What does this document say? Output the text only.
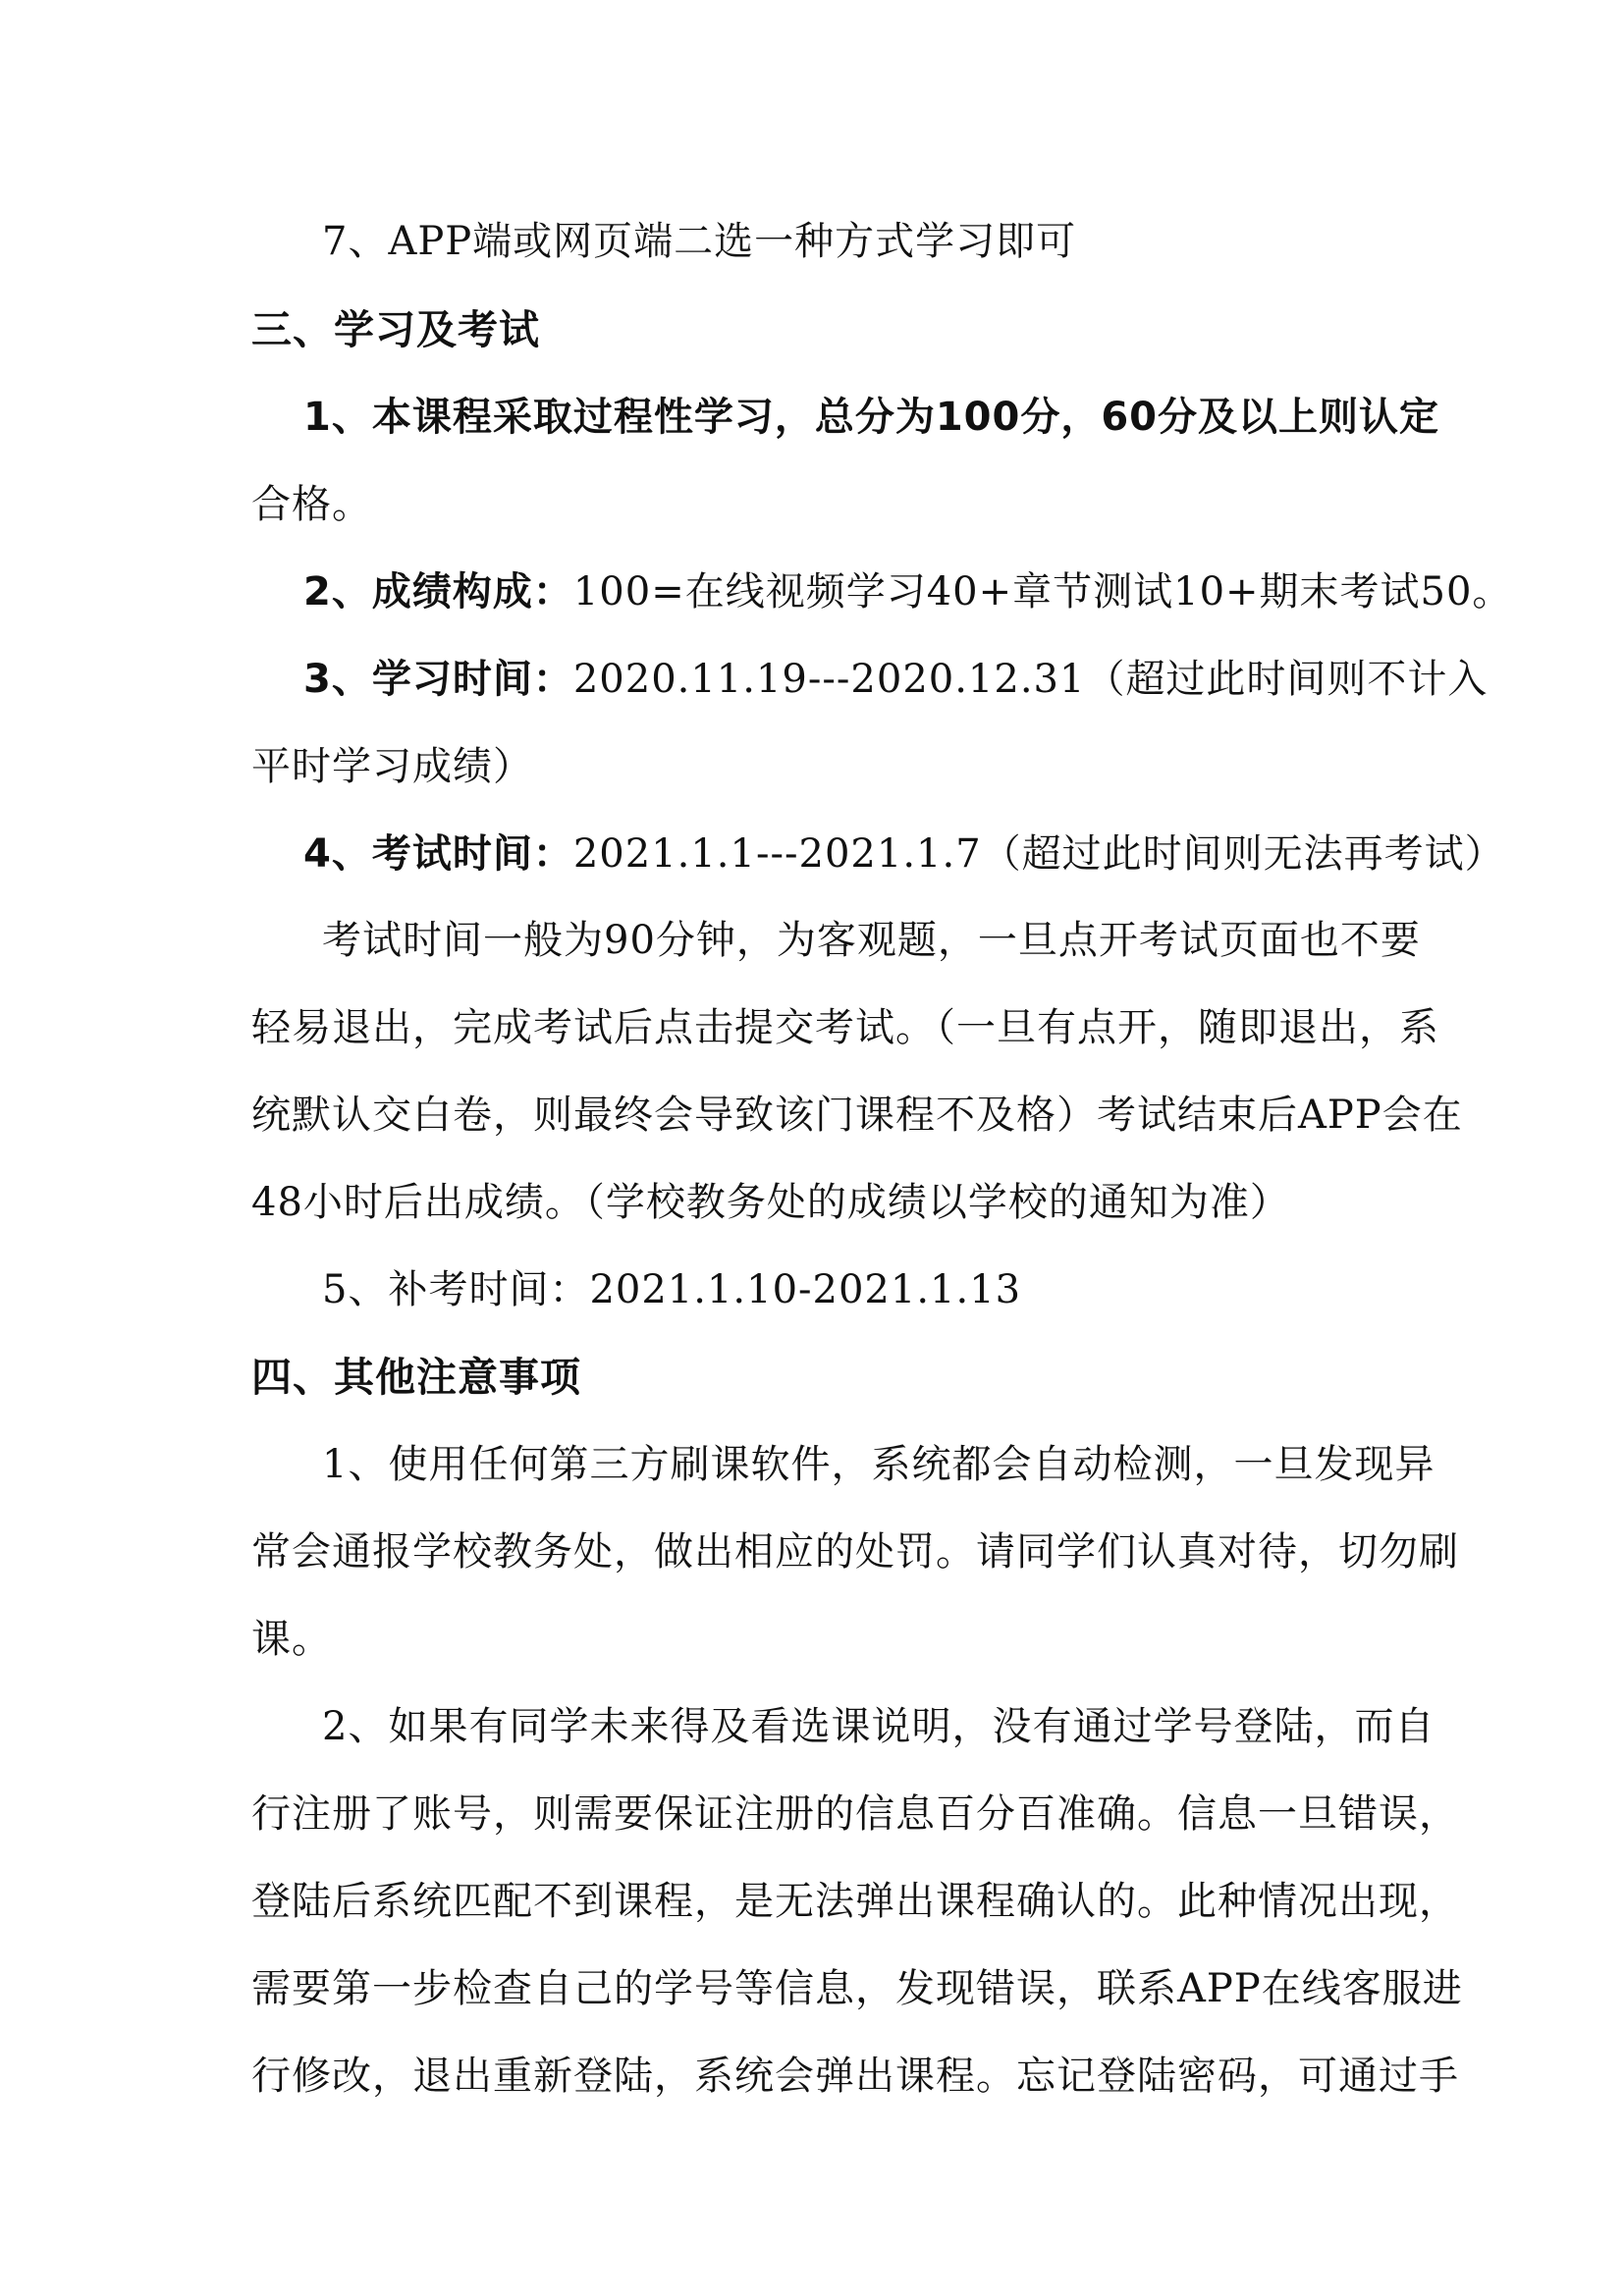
7、APP端或网页端二选一种方式学习即可
三、学习及考试
1、本课程采取过程性学习，总分为100分，60分及以上则认定
合格。
2、成绩构成：100=在线视频学习40+章节测试10+期末考试50。
3、学习时间：2020.11.19---2020.12.31（超过此时间则不计入
平时学习成绩）
4、考试时间：2021.1.1---2021.1.7（超过此时间则无法再考试）
考试时间一般为90分钟，为客观题，一旦点开考试页面也不要
轻易退出，完成考试后点击提交考试。（一旦有点开，随即退出，系
统默认交白卷，则最终会导致该门课程不及格）考试结束后APP会在
48小时后出成绩。（学校教务处的成绩以学校的通知为准）
5、补考时间：2021.1.10-2021.1.13
四、其他注意事项
1、使用任何第三方刷课软件，系统都会自动检测，一旦发现异
常会通报学校教务处，做出相应的处罚。请同学们认真对待，切勿刷
课。
2、如果有同学未来得及看选课说明，没有通过学号登陆，而自
行注册了账号，则需要保证注册的信息百分百准确。信息一旦错误，
登陆后系统匹配不到课程，是无法弹出课程确认的。此种情况出现，
需要第一步检查自己的学号等信息，发现错误，联系APP在线客服进
行修改，退出重新登陆，系统会弹出课程。忘记登陆密码，可通过手
